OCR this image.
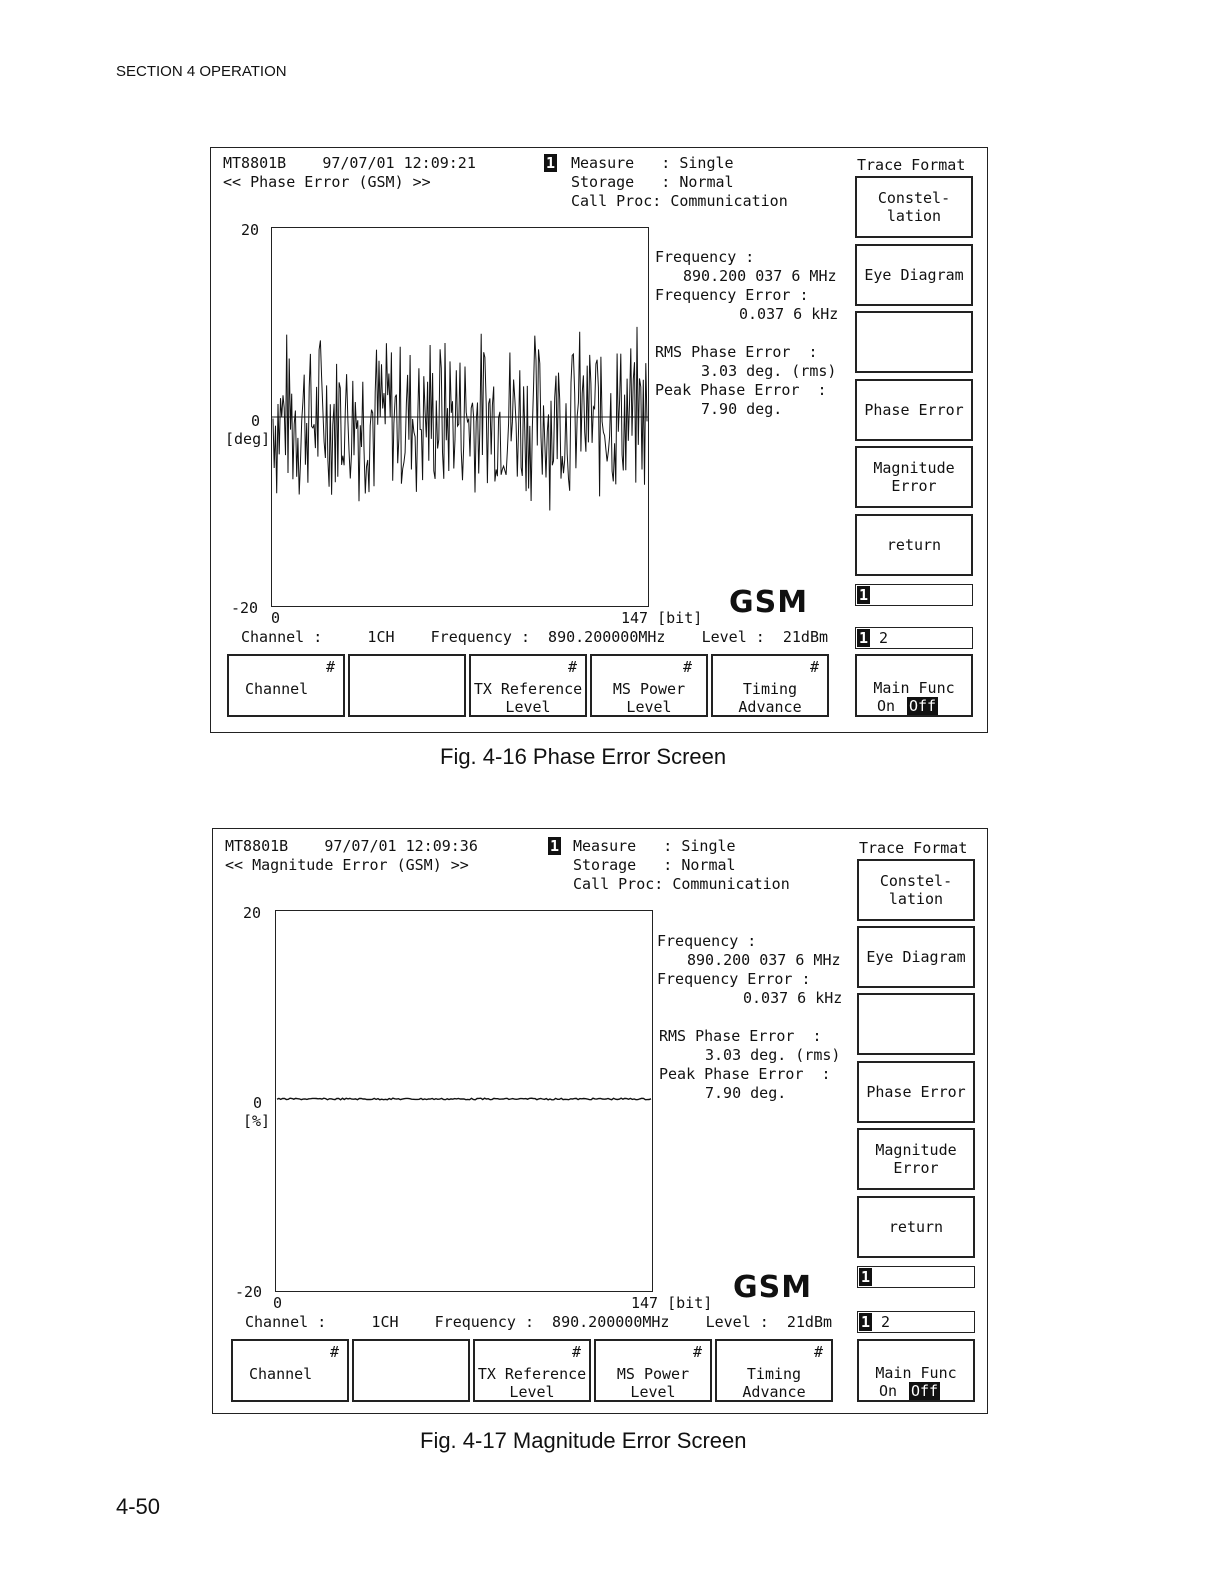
SECTION 4 OPERATION
MT8801B    97/07/01 12:09:21
<< Phase Error (GSM) >>
1 Measure   : Single
Storage   : Normal
Call Proc: Communication
20
0
[deg]
-20
0	147 [bit] GSM
Frequency :
890.200 037 6 MHz
Frequency Error :
0.037 6 kHz
RMS Phase Error  :
3.03 deg. (rms)
Peak Phase Error  :
7.90 deg.
Channel :     1CH    Frequency :  890.200000MHz    Level :  21dBm
Trace Format
Constel-
lation
Eye Diagram
Phase Error
Magnitude
Error
return
1
1 2

#

Channel

#

TX Reference
Level

#

MS Power
Level

#

Timing
Advance

Main Func

On

Off

Fig. 4-16 Phase Error Screen
MT8801B    97/07/01 12:09:36
<< Magnitude Error (GSM) >>
1 Measure   : Single
Storage   : Normal
Call Proc: Communication
20
0
[%]
-20
0	147 [bit] GSM
Frequency :
890.200 037 6 MHz
Frequency Error :
0.037 6 kHz
RMS Phase Error  :
3.03 deg. (rms)
Peak Phase Error  :
7.90 deg.
Channel :     1CH    Frequency :  890.200000MHz    Level :  21dBm
Trace Format
Constel-
lation
Eye Diagram
Phase Error
Magnitude
Error
return
1
1 2

#

Channel

#

TX Reference
Level

#

MS Power
Level

#

Timing
Advance

Main Func

On

Off

Fig. 4-17 Magnitude Error Screen
4-50
